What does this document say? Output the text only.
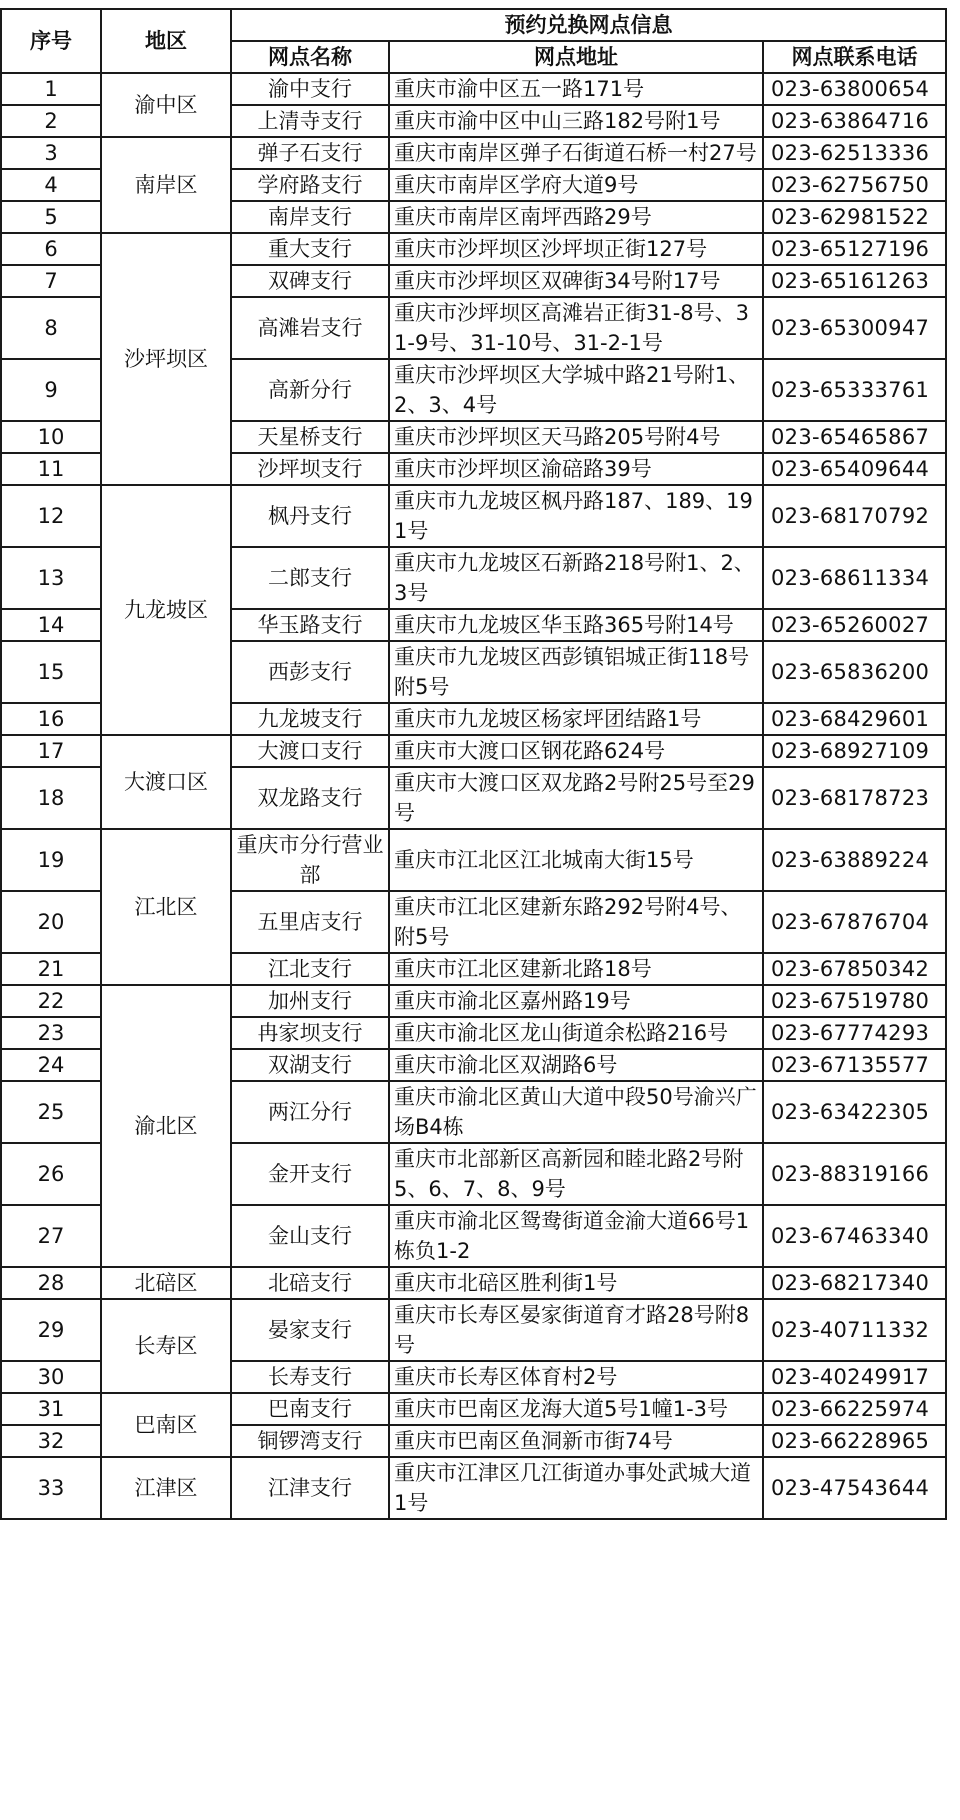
序号	地区	预约兑换网点信息		
		网点名称	网点地址	网点联系电话
1	渝中区	渝中支行	重庆市渝中区五一路171号	023-63800654
2		上清寺支行	重庆市渝中区中山三路182号附1号	023-63864716
3	南岸区	弹子石支行	重庆市南岸区弹子石街道石桥一村27号	023-62513336
4		学府路支行	重庆市南岸区学府大道9号	023-62756750
5		南岸支行	重庆市南岸区南坪西路29号	023-62981522
6	沙坪坝区	重大支行	重庆市沙坪坝区沙坪坝正街127号	023-65127196
7		双碑支行	重庆市沙坪坝区双碑街34号附17号	023-65161263
8		高滩岩支行	重庆市沙坪坝区高滩岩正街31-8号、31-9号、31-10号、31-2-1号	023-65300947
9		高新分行	重庆市沙坪坝区大学城中路21号附1、2、3、4号	023-65333761
10		天星桥支行	重庆市沙坪坝区天马路205号附4号	023-65465867
11		沙坪坝支行	重庆市沙坪坝区渝碚路39号	023-65409644
12	九龙坡区	枫丹支行	重庆市九龙坡区枫丹路187、189、191号	023-68170792
13		二郎支行	重庆市九龙坡区石新路218号附1、2、3号	023-68611334
14		华玉路支行	重庆市九龙坡区华玉路365号附14号	023-65260027
15		西彭支行	重庆市九龙坡区西彭镇铝城正街118号附5号	023-65836200
16		九龙坡支行	重庆市九龙坡区杨家坪团结路1号	023-68429601
17	大渡口区	大渡口支行	重庆市大渡口区钢花路624号	023-68927109
18		双龙路支行	重庆市大渡口区双龙路2号附25号至29号	023-68178723
19	江北区	重庆市分行营业部	重庆市江北区江北城南大街15号	023-63889224
20		五里店支行	重庆市江北区建新东路292号附4号、附5号	023-67876704
21		江北支行	重庆市江北区建新北路18号	023-67850342
22	渝北区	加州支行	重庆市渝北区嘉州路19号	023-67519780
23		冉家坝支行	重庆市渝北区龙山街道余松路216号	023-67774293
24		双湖支行	重庆市渝北区双湖路6号	023-67135577
25		两江分行	重庆市渝北区黄山大道中段50号渝兴广场B4栋	023-63422305
26		金开支行	重庆市北部新区高新园和睦北路2号附5、6、7、8、9号	023-88319166
27		金山支行	重庆市渝北区鸳鸯街道金渝大道66号1栋负1-2	023-67463340
28	北碚区	北碚支行	重庆市北碚区胜利街1号	023-68217340
29	长寿区	晏家支行	重庆市长寿区晏家街道育才路28号附8号	023-40711332
30		长寿支行	重庆市长寿区体育村2号	023-40249917
31	巴南区	巴南支行	重庆市巴南区龙海大道5号1幢1-3号	023-66225974
32		铜锣湾支行	重庆市巴南区鱼洞新市街74号	023-66228965
33	江津区	江津支行	重庆市江津区几江街道办事处武城大道1号	023-47543644
